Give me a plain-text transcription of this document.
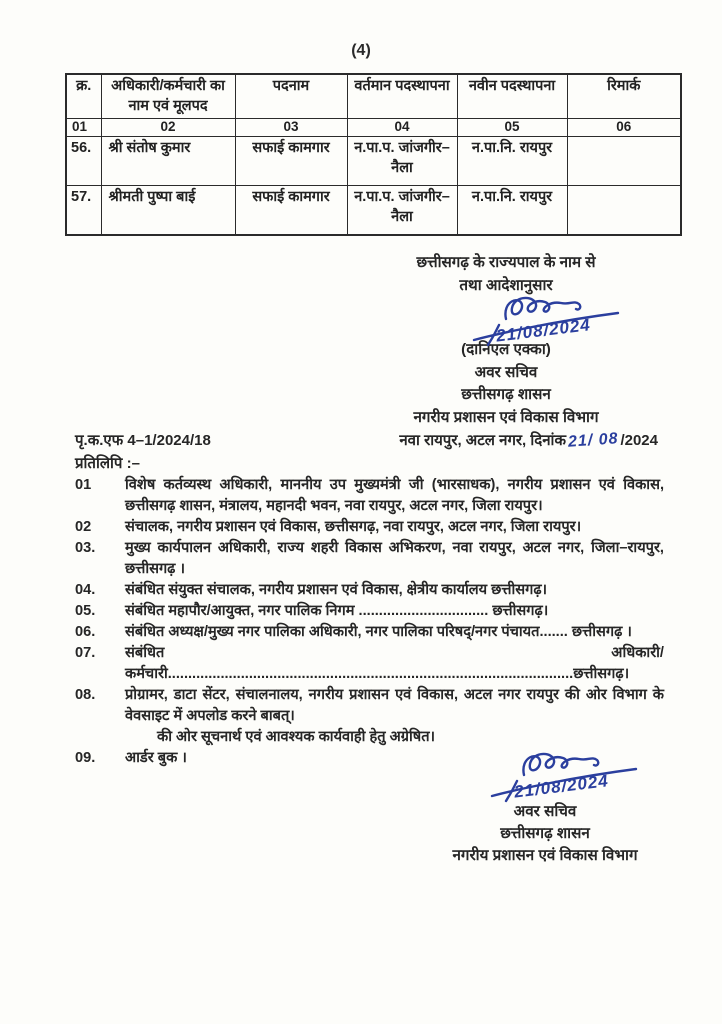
(4)
क्र.	अधिकारी/कर्मचारी का नाम एवं मूलपद	पदनाम	वर्तमान पदस्थापना	नवीन पदस्थापना	रिमार्क
01	02	03	04	05	06
56.	श्री संतोष कुमार	सफाई कामगार	न.पा.प. जांजगीर–नैला	न.पा.नि. रायपुर	
57.	श्रीमती पुष्पा बाई	सफाई कामगार	न.पा.प. जांजगीर–नैला	न.पा.नि. रायपुर	
छत्तीसगढ़ के राज्यपाल के नाम से
तथा आदेशानुसार
21/08/2024
(दानिएल एक्का)
अवर सचिव
छत्तीसगढ़ शासन
नगरीय प्रशासन एवं विकास विभाग
पृ.क.एफ 4–1/2024/18	नवा रायपुर, अटल नगर, दिनांक21/ 08 /2024
प्रतिलिपि :–
01	विशेष कर्तव्यस्थ अधिकारी, माननीय उप मुख्यमंत्री जी (भारसाधक), नगरीय प्रशासन एवं विकास, छत्तीसगढ़ शासन, मंत्रालय, महानदी भवन, नवा रायपुर, अटल नगर, जिला रायपुर।
02	संचालक, नगरीय प्रशासन एवं विकास, छत्तीसगढ़, नवा रायपुर, अटल नगर, जिला रायपुर।
03.	मुख्य कार्यपालन अधिकारी, राज्य शहरी विकास अभिकरण, नवा रायपुर, अटल नगर, जिला–रायपुर, छत्तीसगढ़ ।
04.	संबंधित संयुक्त संचालक, नगरीय प्रशासन एवं विकास, क्षेत्रीय कार्यालय छत्तीसगढ़।
05.	संबंधित महापौर/आयुक्त, नगर पालिक निगम ................................ छत्तीसगढ़।
06.	संबंधित अध्यक्ष/मुख्य नगर पालिका अधिकारी, नगर पालिका परिषद्/नगर पंचायत....... छत्तीसगढ़ ।
07.	संबंधित अधिकारी/कर्मचारी....................................................................................................छत्तीसगढ़।
08.	प्रोग्रामर, डाटा सेंटर, संचालनालय, नगरीय प्रशासन एवं विकास, अटल नगर रायपुर की ओर विभाग के वेवसाइट में अपलोड करने बाबत्।
की ओर सूचनार्थ एवं आवश्यक कार्यवाही हेतु अग्रेषित।
09.	आर्डर बुक ।
21/08/2024
अवर सचिव
छत्तीसगढ़ शासन
नगरीय प्रशासन एवं विकास विभाग
